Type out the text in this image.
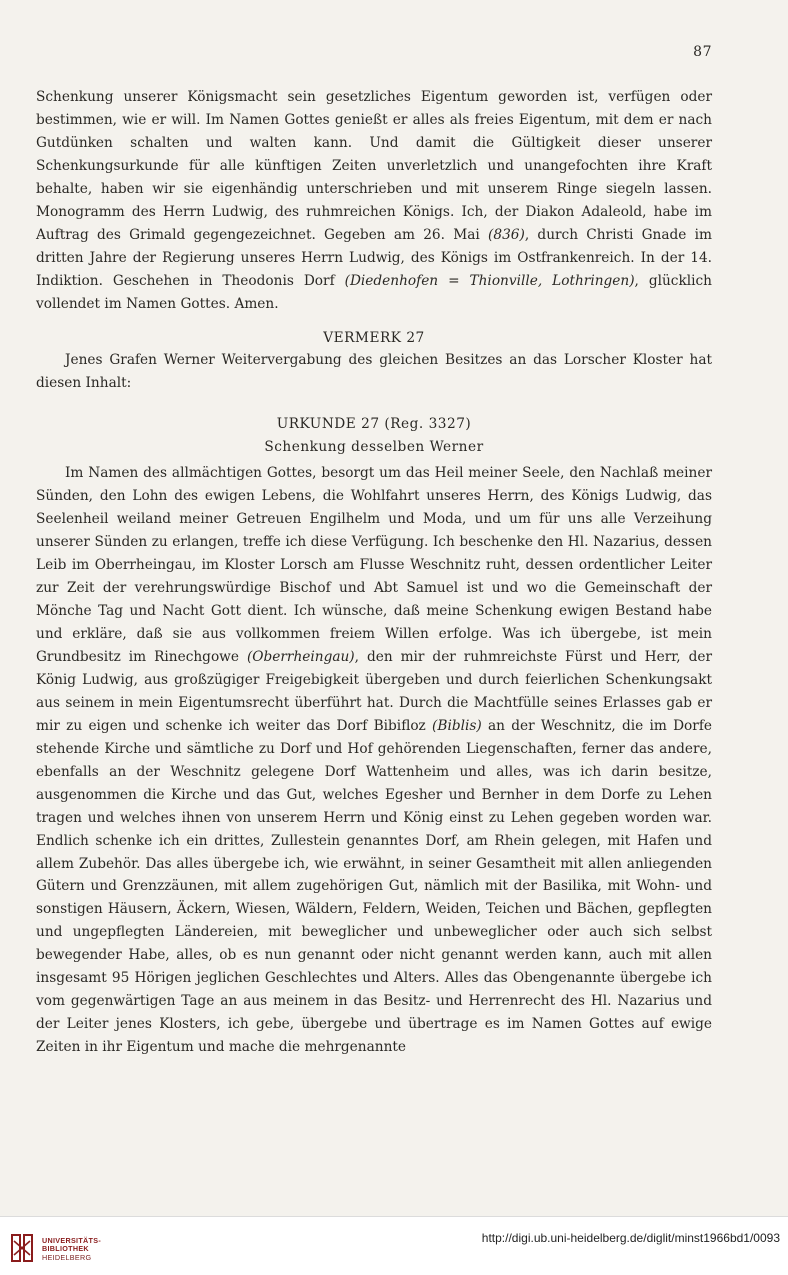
87

Schenkung unserer Königsmacht sein gesetzliches Eigentum geworden ist, verfügen oder bestimmen, wie er will. Im Namen Gottes genießt er alles als freies Eigentum, mit dem er nach Gutdünken schalten und walten kann. Und damit die Gültigkeit dieser unserer Schenkungsurkunde für alle künftigen Zeiten unverletzlich und unangefochten ihre Kraft behalte, haben wir sie eigenhändig unterschrieben und mit unserem Ringe siegeln lassen. Monogramm des Herrn Ludwig, des ruhmreichen Königs. Ich, der Diakon Adaleold, habe im Auftrag des Grimald gegengezeichnet. Gegeben am 26. Mai (836), durch Christi Gnade im dritten Jahre der Regierung unseres Herrn Ludwig, des Königs im Ostfrankenreich. In der 14. Indiktion. Geschehen in Theodonis Dorf (Diedenhofen = Thionville, Lothringen), glücklich vollendet im Namen Gottes. Amen.

VERMERK 27

Jenes Grafen Werner Weitervergabung des gleichen Besitzes an das Lorscher Kloster hat diesen Inhalt:

URKUNDE 27 (Reg. 3327)

Schenkung desselben Werner

Im Namen des allmächtigen Gottes, besorgt um das Heil meiner Seele, den Nachlaß meiner Sünden, den Lohn des ewigen Lebens, die Wohlfahrt unseres Herrn, des Königs Ludwig, das Seelenheil weiland meiner Getreuen Engilhelm und Moda, und um für uns alle Verzeihung unserer Sünden zu erlangen, treffe ich diese Verfügung. Ich beschenke den Hl. Nazarius, dessen Leib im Oberrheingau, im Kloster Lorsch am Flusse Weschnitz ruht, dessen ordentlicher Leiter zur Zeit der verehrungswürdige Bischof und Abt Samuel ist und wo die Gemeinschaft der Mönche Tag und Nacht Gott dient. Ich wünsche, daß meine Schenkung ewigen Bestand habe und erkläre, daß sie aus vollkommen freiem Willen erfolge. Was ich übergebe, ist mein Grundbesitz im Rinechgowe (Oberrheingau), den mir der ruhmreichste Fürst und Herr, der König Ludwig, aus großzügiger Freigebigkeit übergeben und durch feierlichen Schenkungsakt aus seinem in mein Eigentumsrecht überführt hat. Durch die Machtfülle seines Erlasses gab er mir zu eigen und schenke ich weiter das Dorf Bibifloz (Biblis) an der Weschnitz, die im Dorfe stehende Kirche und sämtliche zu Dorf und Hof gehörenden Liegenschaften, ferner das andere, ebenfalls an der Weschnitz gelegene Dorf Wattenheim und alles, was ich darin besitze, ausgenommen die Kirche und das Gut, welches Egesher und Bernher in dem Dorfe zu Lehen tragen und welches ihnen von unserem Herrn und König einst zu Lehen gegeben worden war. Endlich schenke ich ein drittes, Zullestein genanntes Dorf, am Rhein gelegen, mit Hafen und allem Zubehör. Das alles übergebe ich, wie erwähnt, in seiner Gesamtheit mit allen anliegenden Gütern und Grenzzäunen, mit allem zugehörigen Gut, nämlich mit der Basilika, mit Wohn- und sonstigen Häusern, Äckern, Wiesen, Wäldern, Feldern, Weiden, Teichen und Bächen, gepflegten und ungepflegten Ländereien, mit beweglicher und unbeweglicher oder auch sich selbst bewegender Habe, alles, ob es nun genannt oder nicht genannt werden kann, auch mit allen insgesamt 95 Hörigen jeglichen Geschlechtes und Alters. Alles das Obengenannte übergebe ich vom gegenwärtigen Tage an aus meinem in das Besitz- und Herrenrecht des Hl. Nazarius und der Leiter jenes Klosters, ich gebe, übergebe und übertrage es im Namen Gottes auf ewige Zeiten in ihr Eigentum und mache die mehrgenannte

UNIVERSITÄTS-
BIBLIOTHEK
HEIDELBERG
http://digi.ub.uni-heidelberg.de/diglit/minst1966bd1/0093
